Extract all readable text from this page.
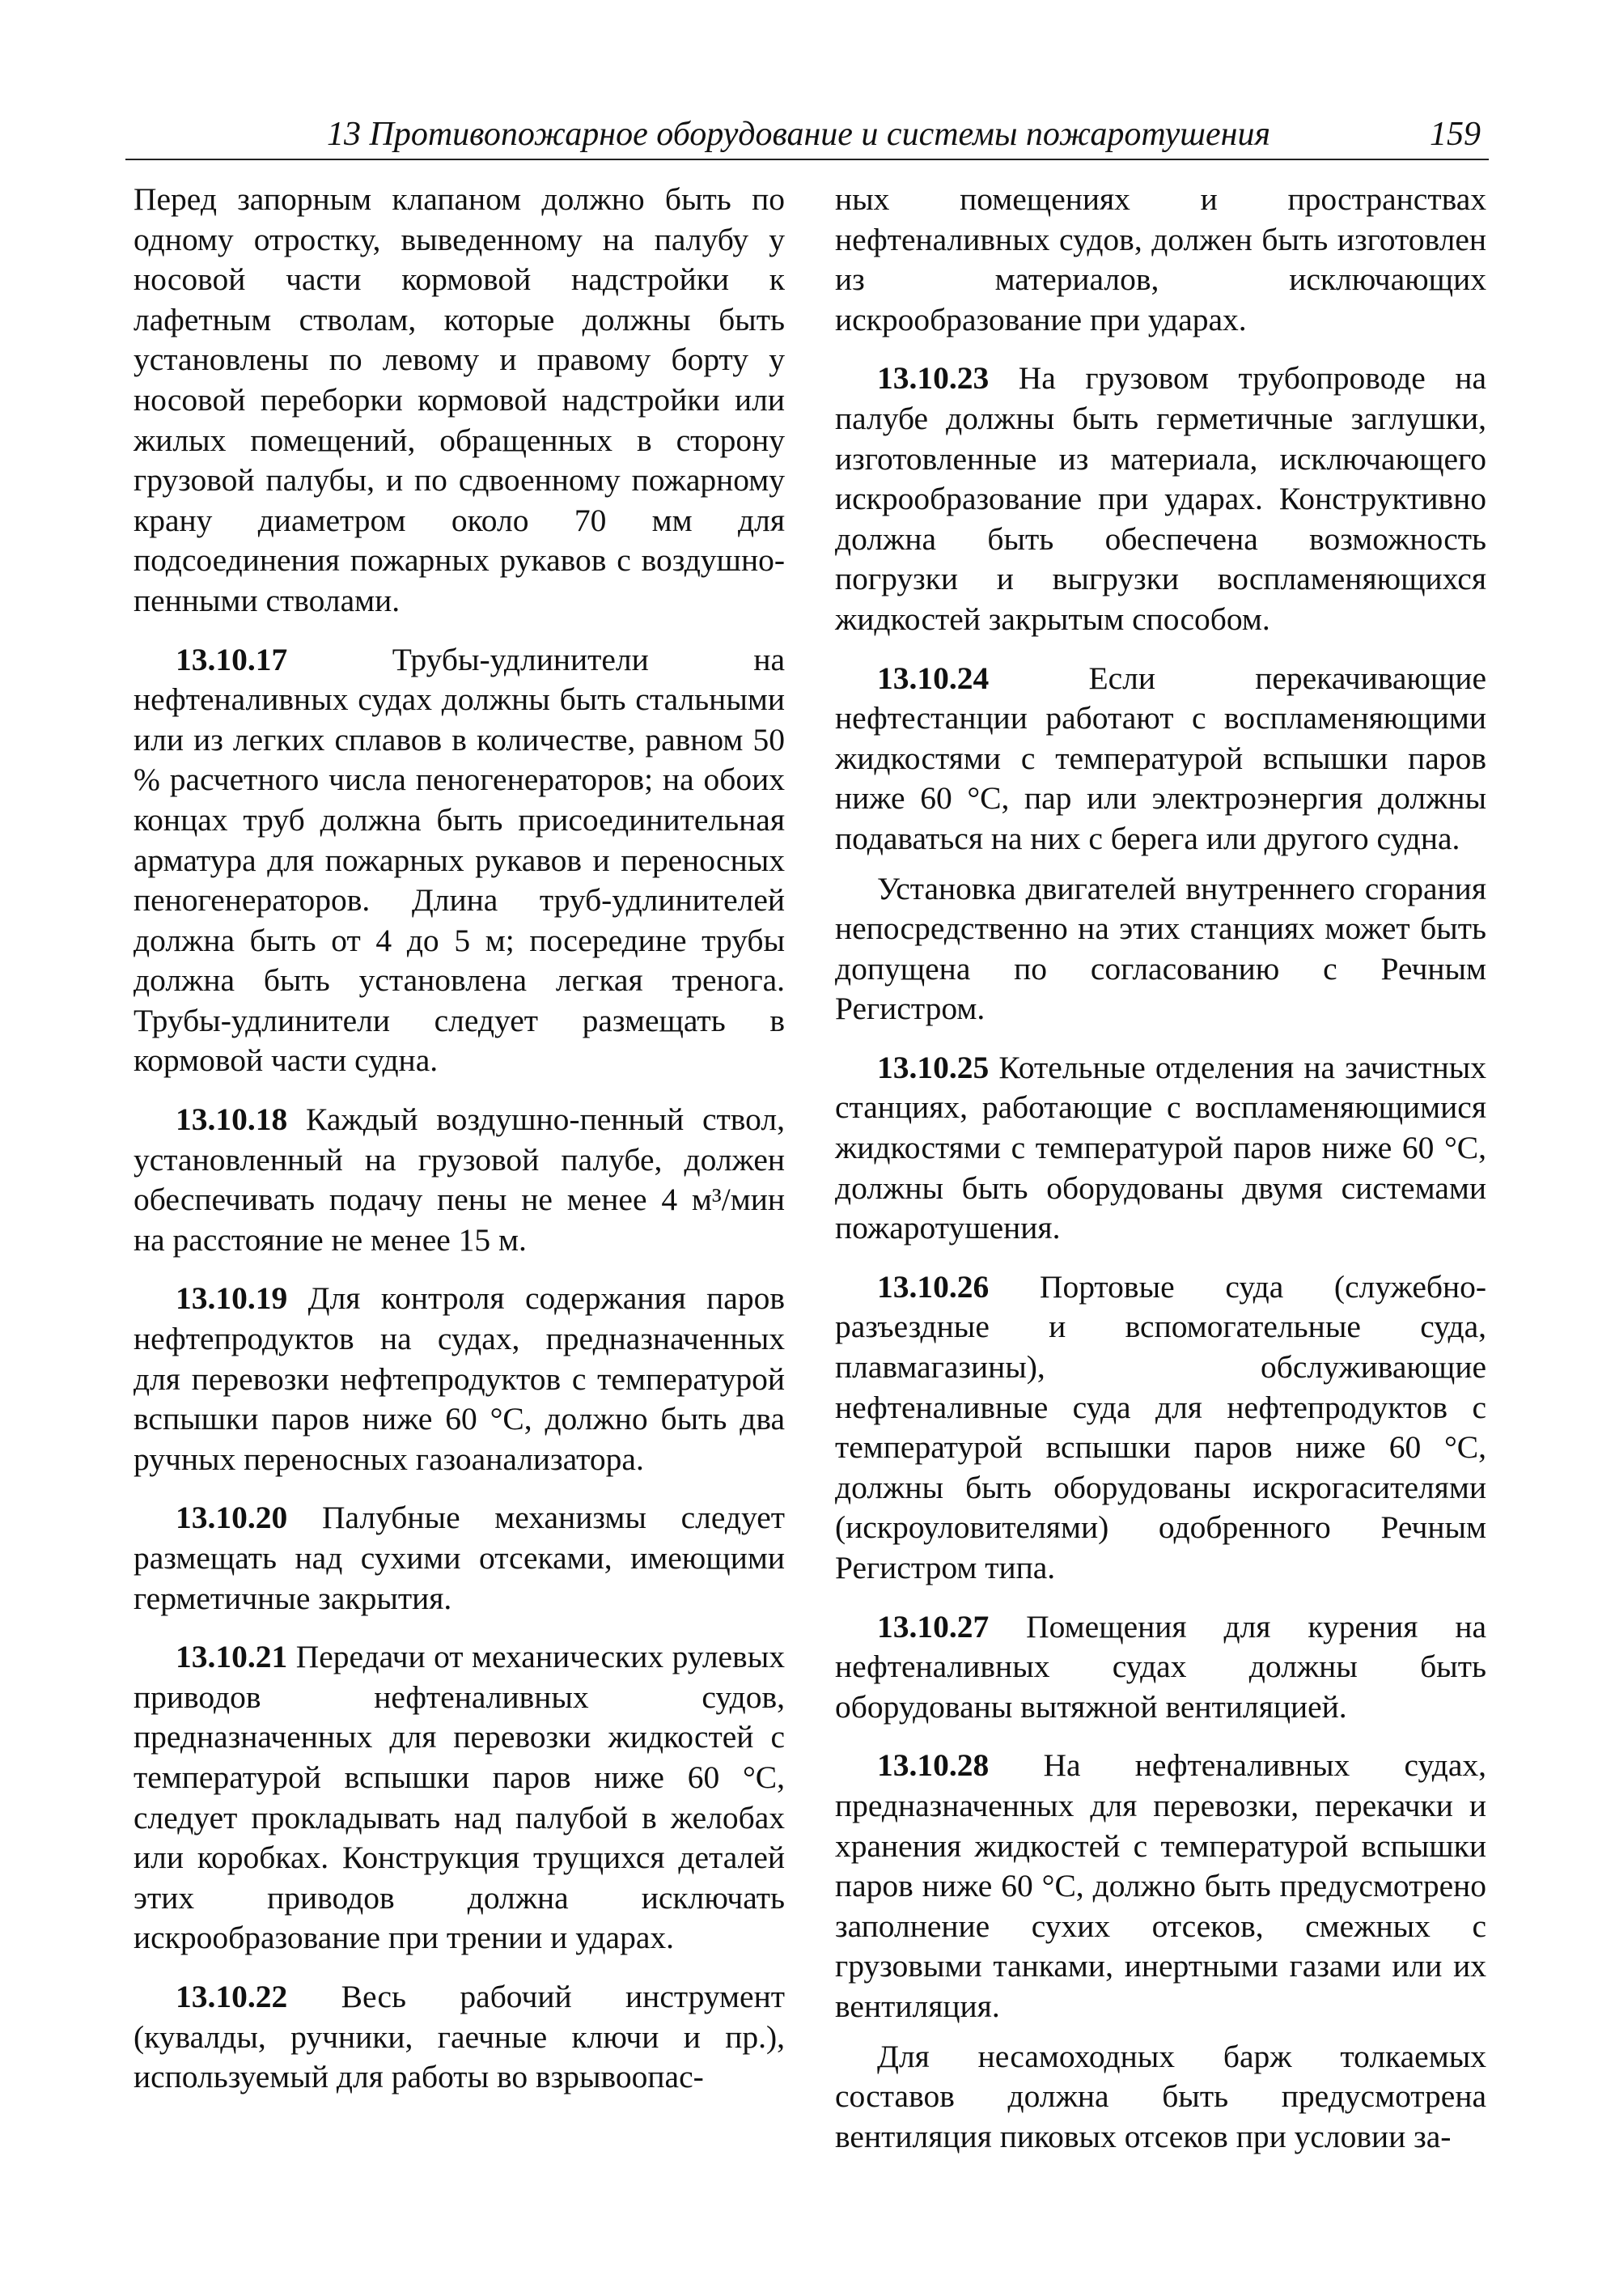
13 Противопожарное оборудование и системы пожаротушения	159

Перед запорным клапаном должно быть по одному отростку, выведенному на палубу у носовой части кормовой надстройки к лафетным стволам, которые должны быть установлены по левому и правому борту у носовой переборки кормовой надстройки или жилых помещений, обращенных в сторону грузовой палубы, и по сдвоенному пожарному крану диаметром около 70 мм для подсоединения пожарных рукавов с воздушно-пенными стволами.

13.10.17 Трубы-удлинители на нефтеналивных судах должны быть стальными или из легких сплавов в количестве, равном 50 % расчетного числа пеногенераторов; на обоих концах труб должна быть присоединительная арматура для пожарных рукавов и переносных пеногенераторов. Длина труб-удлинителей должна быть от 4 до 5 м; посередине трубы должна быть установлена легкая тренога. Трубы-удлинители следует размещать в кормовой части судна.

13.10.18 Каждый воздушно-пенный ствол, установленный на грузовой палубе, должен обеспечивать подачу пены не менее 4 м³/мин на расстояние не менее 15 м.

13.10.19 Для контроля содержания паров нефтепродуктов на судах, предназначенных для перевозки нефтепродуктов с температурой вспышки паров ниже 60 °С, должно быть два ручных переносных газоанализатора.

13.10.20 Палубные механизмы следует размещать над сухими отсеками, имеющими герметичные закрытия.

13.10.21 Передачи от механических рулевых приводов нефтеналивных судов, предназначенных для перевозки жидкостей с температурой вспышки паров ниже 60 °С, следует прокладывать над палубой в желобах или коробках. Конструкция трущихся деталей этих приводов должна исключать искрообразование при трении и ударах.

13.10.22 Весь рабочий инструмент (кувалды, ручники, гаечные ключи и пр.), используемый для работы во взрывоопас-

ных помещениях и пространствах нефтеналивных судов, должен быть изготовлен из материалов, исключающих искрообразование при ударах.

13.10.23 На грузовом трубопроводе на палубе должны быть герметичные заглушки, изготовленные из материала, исключающего искрообразование при ударах. Конструктивно должна быть обеспечена возможность погрузки и выгрузки воспламеняющихся жидкостей закрытым способом.

13.10.24 Если перекачивающие нефтестанции работают с воспламеняющими жидкостями с температурой вспышки паров ниже 60 °С, пар или электроэнергия должны подаваться на них с берега или другого судна.

Установка двигателей внутреннего сгорания непосредственно на этих станциях может быть допущена по согласованию с Речным Регистром.

13.10.25 Котельные отделения на зачистных станциях, работающие с воспламеняющимися жидкостями с температурой паров ниже 60 °С, должны быть оборудованы двумя системами пожаротушения.

13.10.26 Портовые суда (служебно-разъездные и вспомогательные суда, плавмагазины), обслуживающие нефтеналивные суда для нефтепродуктов с температурой вспышки паров ниже 60 °С, должны быть оборудованы искрогасителями (искроуловителями) одобренного Речным Регистром типа.

13.10.27 Помещения для курения на нефтеналивных судах должны быть оборудованы вытяжной вентиляцией.

13.10.28 На нефтеналивных судах, предназначенных для перевозки, перекачки и хранения жидкостей с температурой вспышки паров ниже 60 °С, должно быть предусмотрено заполнение сухих отсеков, смежных с грузовыми танками, инертными газами или их вентиляция.

Для несамоходных барж толкаемых составов должна быть предусмотрена вентиляция пиковых отсеков при условии за-
